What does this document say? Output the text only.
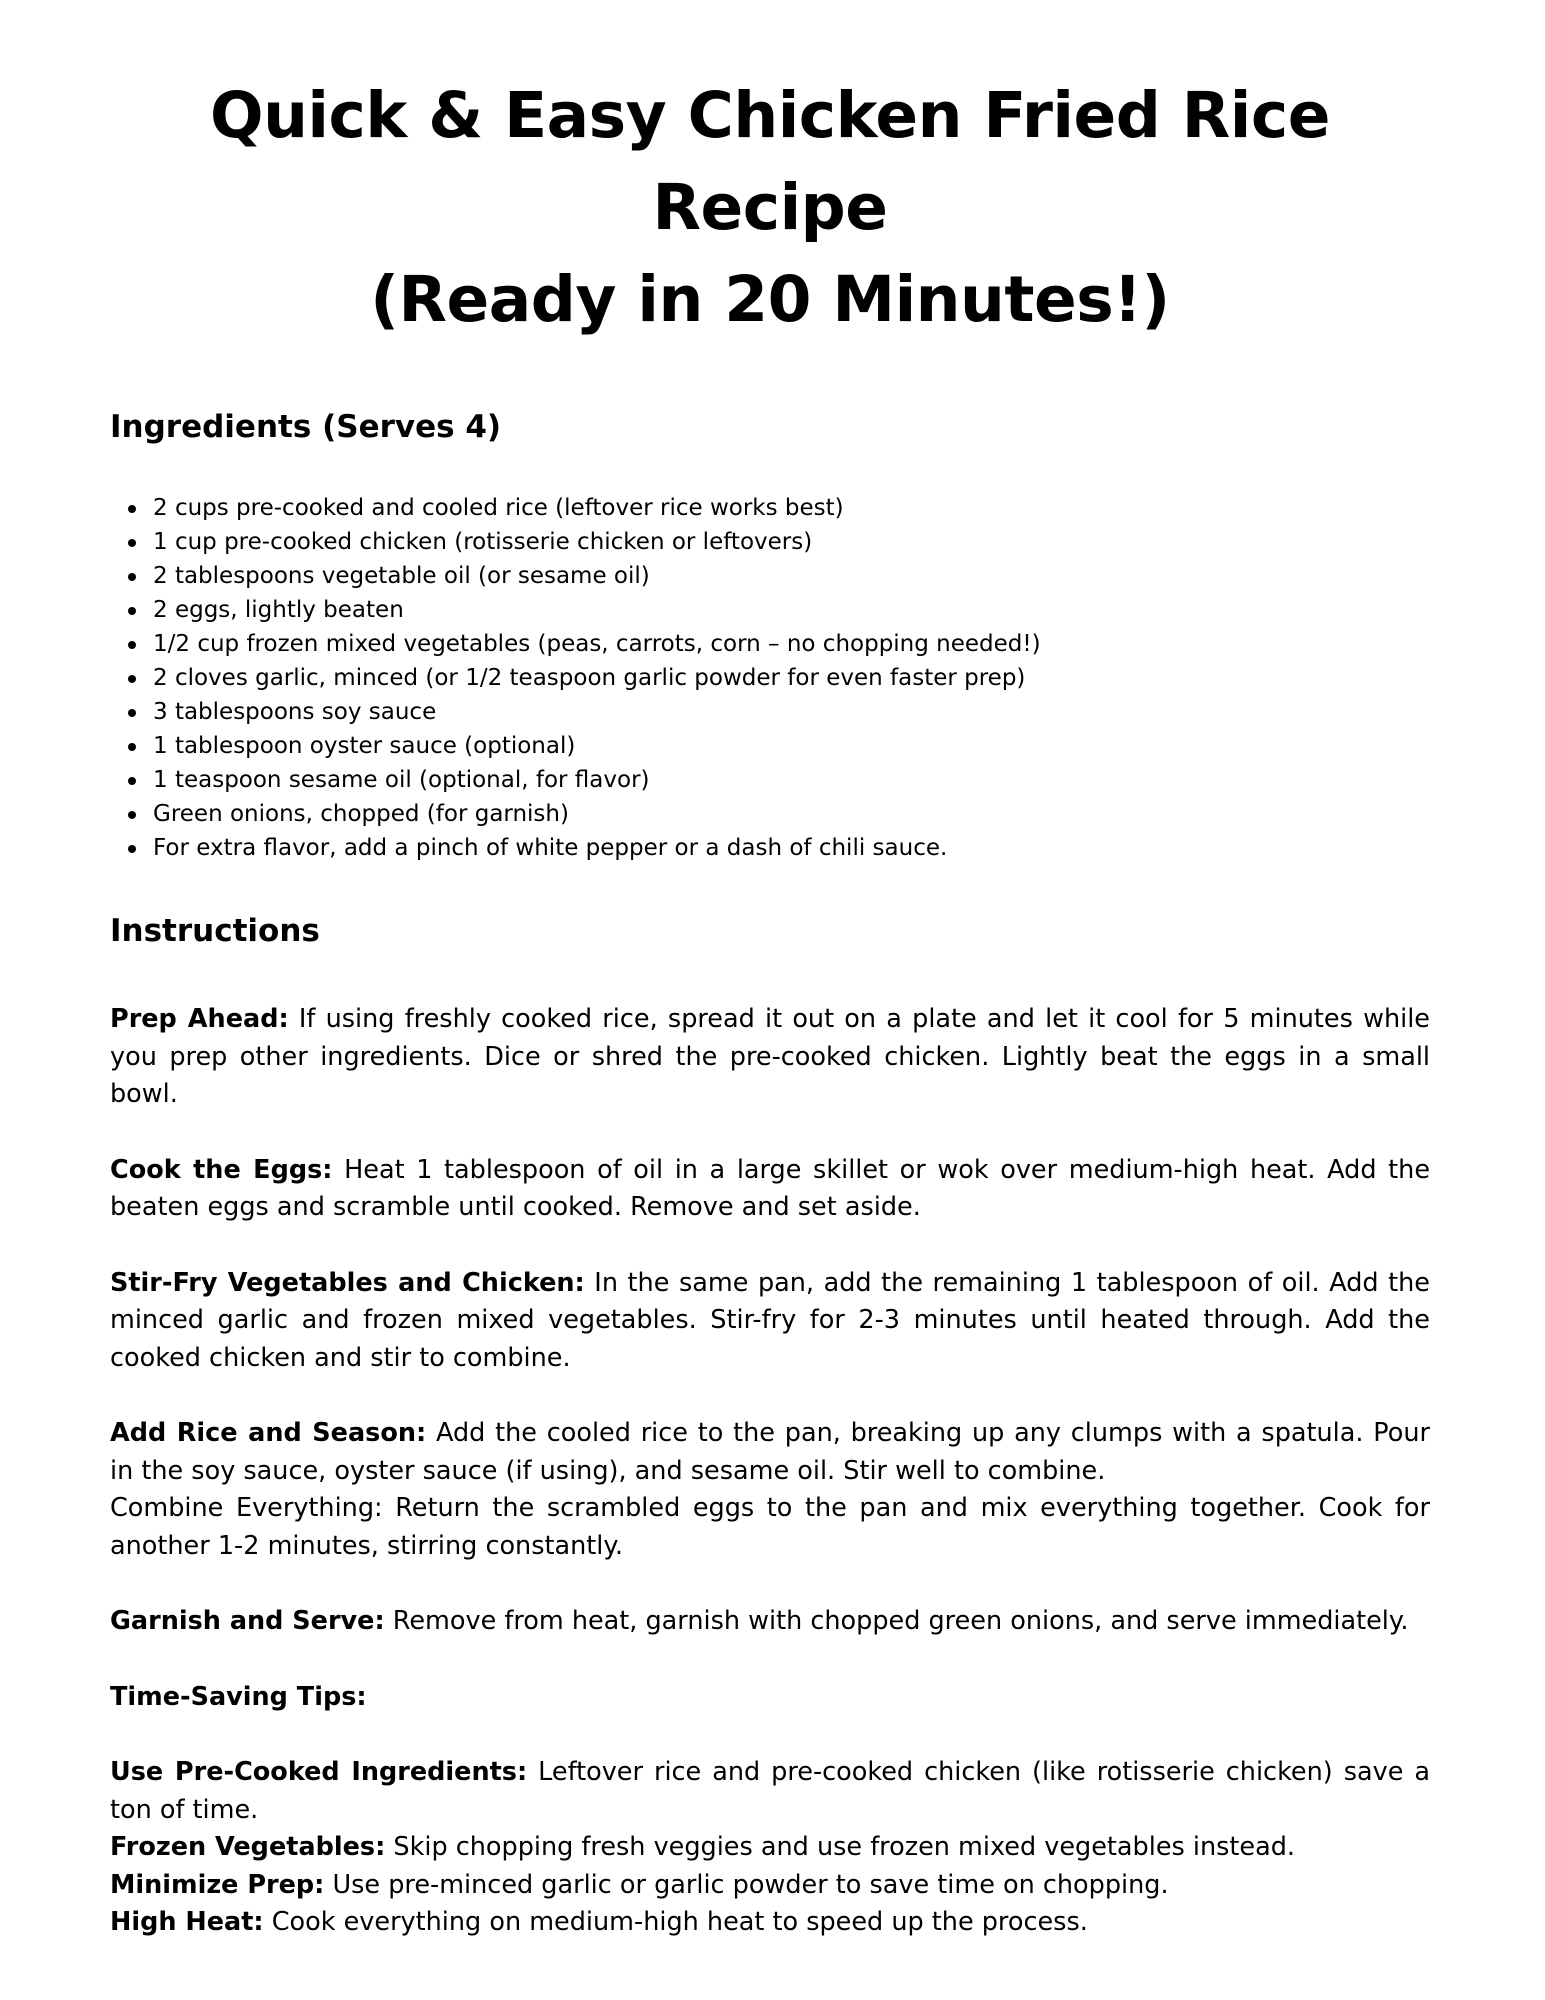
Quick & Easy Chicken Fried Rice Recipe
(Ready in 20 Minutes!)
Ingredients (Serves 4)
2 cups pre-cooked and cooled rice (leftover rice works best)
1 cup pre-cooked chicken (rotisserie chicken or leftovers)
2 tablespoons vegetable oil (or sesame oil)
2 eggs, lightly beaten
1/2 cup frozen mixed vegetables (peas, carrots, corn – no chopping needed!)
2 cloves garlic, minced (or 1/2 teaspoon garlic powder for even faster prep)
3 tablespoons soy sauce
1 tablespoon oyster sauce (optional)
1 teaspoon sesame oil (optional, for flavor)
Green onions, chopped (for garnish)
For extra flavor, add a pinch of white pepper or a dash of chili sauce.
Instructions

Prep Ahead: If using freshly cooked rice, spread it out on a plate and let it cool for 5 minutes while you prep other ingredients. Dice or shred the pre-cooked chicken. Lightly beat the eggs in a small bowl.

Cook the Eggs: Heat 1 tablespoon of oil in a large skillet or wok over medium-high heat. Add the beaten eggs and scramble until cooked. Remove and set aside.

Stir-Fry Vegetables and Chicken: In the same pan, add the remaining 1 tablespoon of oil. Add the minced garlic and frozen mixed vegetables. Stir-fry for 2-3 minutes until heated through. Add the cooked chicken and stir to combine.

Add Rice and Season: Add the cooled rice to the pan, breaking up any clumps with a spatula. Pour in the soy sauce, oyster sauce (if using), and sesame oil. Stir well to combine.

Combine Everything: Return the scrambled eggs to the pan and mix everything together. Cook for another 1-2 minutes, stirring constantly.

Garnish and Serve: Remove from heat, garnish with chopped green onions, and serve immediately.

Time-Saving Tips:

Use Pre-Cooked Ingredients: Leftover rice and pre-cooked chicken (like rotisserie chicken) save a ton of time.

Frozen Vegetables: Skip chopping fresh veggies and use frozen mixed vegetables instead.

Minimize Prep: Use pre-minced garlic or garlic powder to save time on chopping.

High Heat: Cook everything on medium-high heat to speed up the process.
